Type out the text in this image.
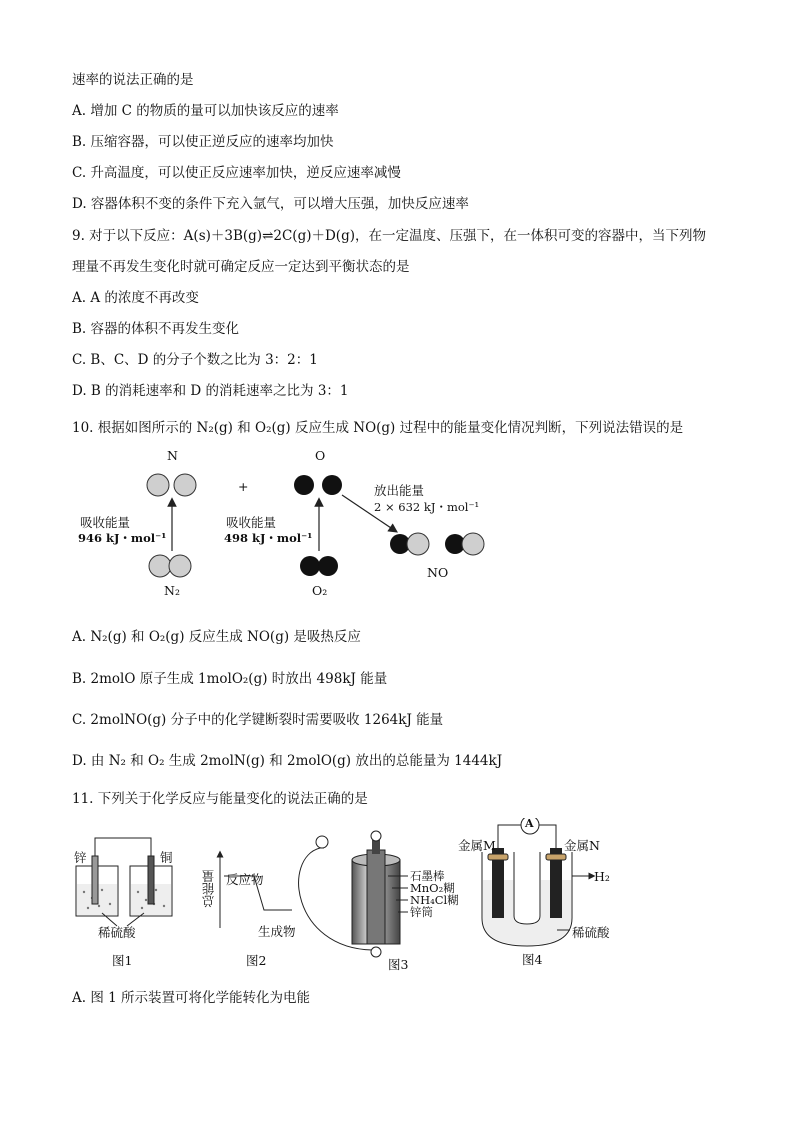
速率的说法正确的是
A. 增加 C 的物质的量可以加快该反应的速率
B. 压缩容器，可以使正逆反应的速率均加快
C. 升高温度，可以使正反应速率加快，逆反应速率减慢
D. 容器体积不变的条件下充入氩气，可以增大压强，加快反应速率
9. 对于以下反应：A(s)＋3B(g)⇌2C(g)＋D(g)，在一定温度、压强下，在一体积可变的容器中，当下列物
理量不再发生变化时就可确定反应一定达到平衡状态的是
A. A 的浓度不再改变
B. 容器的体积不再发生变化
C. B、C、D 的分子个数之比为 3：2：1
D. B 的消耗速率和 D 的消耗速率之比为 3：1
10. 根据如图所示的 N₂(g) 和 O₂(g) 反应生成 NO(g) 过程中的能量变化情况判断，下列说法错误的是
N	O
+
吸收能量
946 kJ・mol⁻¹
吸收能量
498 kJ・mol⁻¹
放出能量
2 × 632 kJ・mol⁻¹
N₂	O₂
NO
A. N₂(g) 和 O₂(g) 反应生成 NO(g) 是吸热反应
B. 2molO 原子生成 1molO₂(g) 时放出 498kJ 能量
C. 2molNO(g) 分子中的化学键断裂时需要吸收 1264kJ 能量
D. 由 N₂ 和 O₂ 生成 2molN(g) 和 2molO(g) 放出的总能量为 1444kJ
11. 下列关于化学反应与能量变化的说法正确的是
锌	铜
稀硫酸
图1
总能量 反应物
生成物
图2
石墨棒
MnO₂糊
NH₄Cl糊
锌筒
图3
A
金属M	金属N
H₂
稀硫酸
图4
A. 图 1 所示装置可将化学能转化为电能
